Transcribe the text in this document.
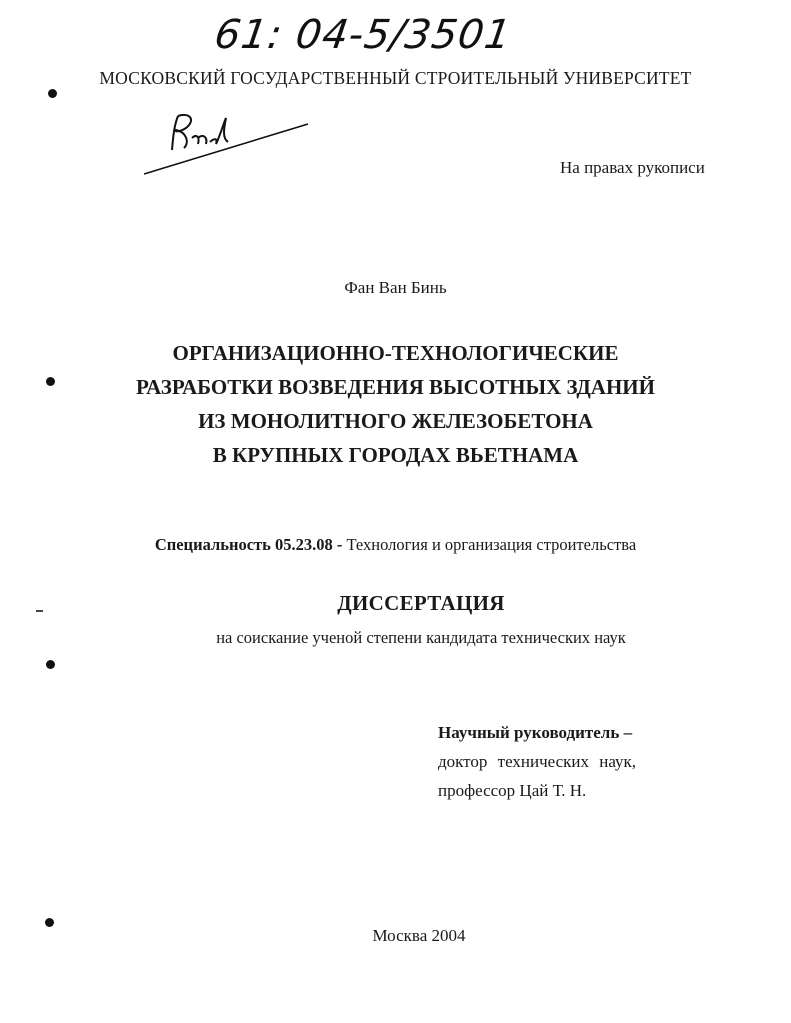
61: 04-5/3501
МОСКОВСКИЙ ГОСУДАРСТВЕННЫЙ СТРОИТЕЛЬНЫЙ УНИВЕРСИТЕТ
На правах рукописи
Фан Ван Бинь
ОРГАНИЗАЦИОННО-ТЕХНОЛОГИЧЕСКИЕ
РАЗРАБОТКИ ВОЗВЕДЕНИЯ ВЫСОТНЫХ ЗДАНИЙ
ИЗ МОНОЛИТНОГО ЖЕЛЕЗОБЕТОНА
В КРУПНЫХ ГОРОДАХ ВЬЕТНАМА
Специальность 05.23.08 - Технология и организация строительства
ДИССЕРТАЦИЯ
на соискание ученой степени кандидата технических наук
Научный руководитель –
доктор технических наук,
профессор Цай Т. Н.
Москва 2004
